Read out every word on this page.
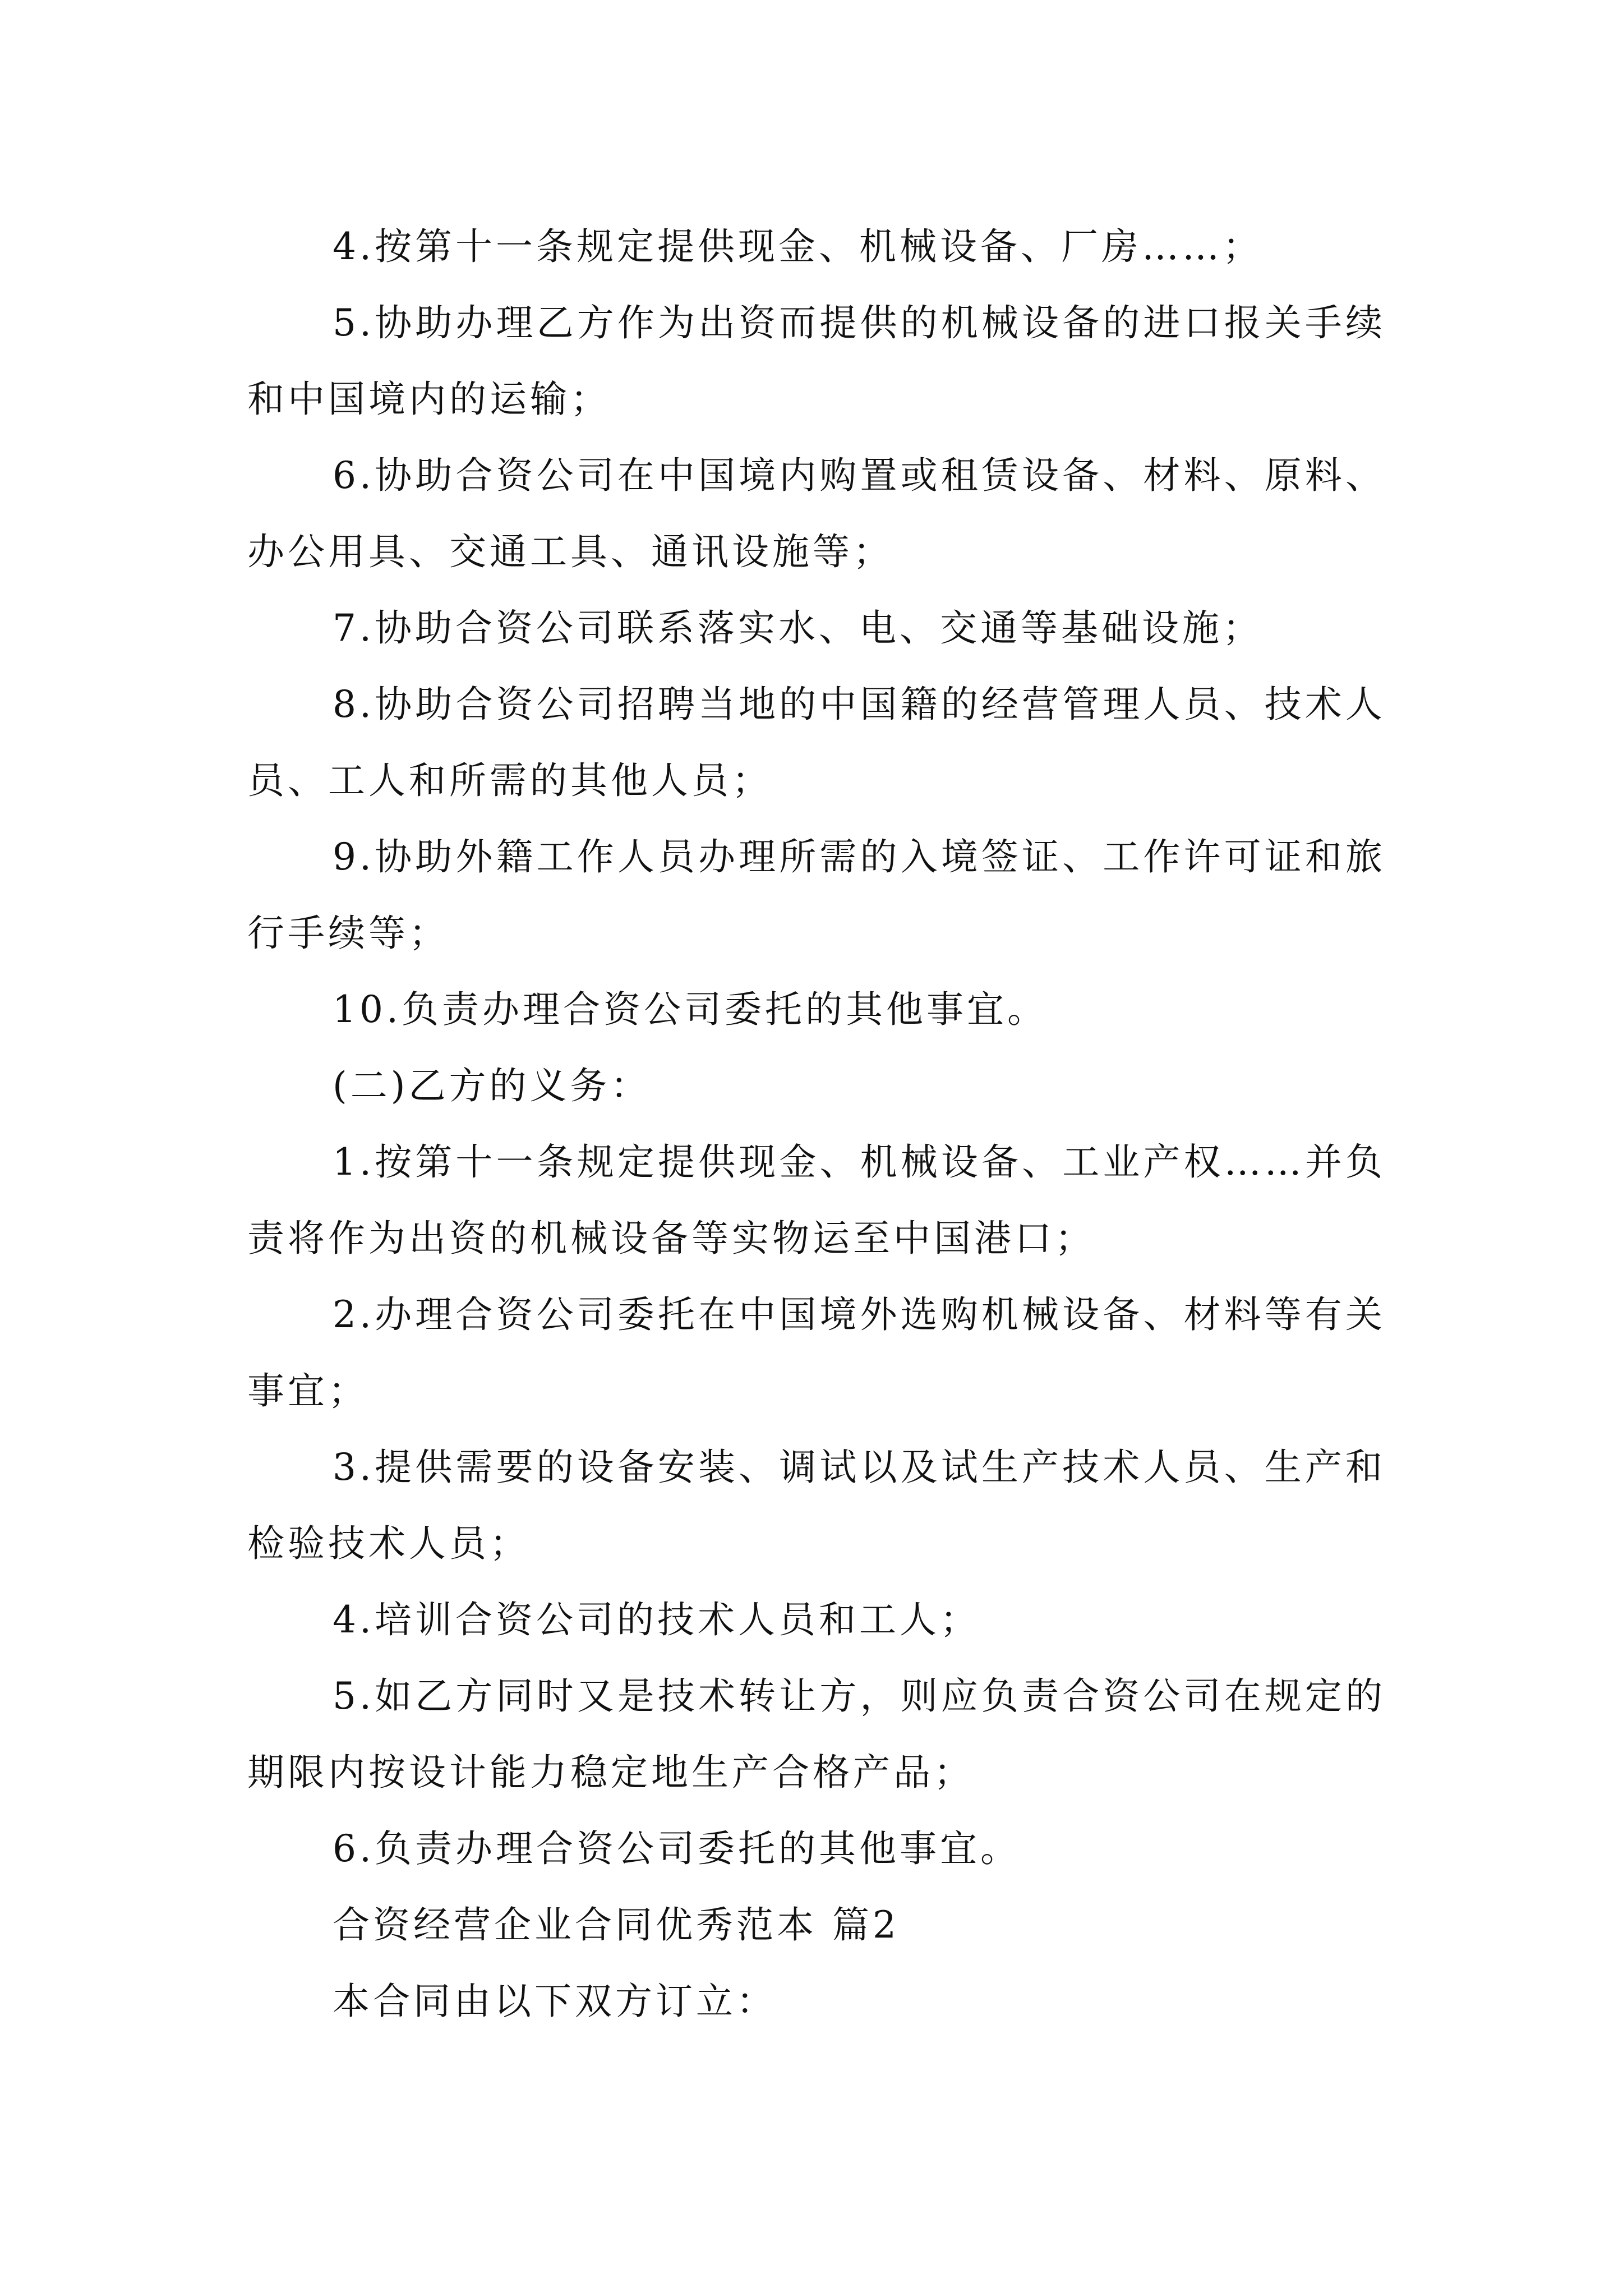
4.按第十一条规定提供现金、机械设备、厂房……；

5.协助办理乙方作为出资而提供的机械设备的进口报关手续和中国境内的运输；

6.协助合资公司在中国境内购置或租赁设备、材料、原料、办公用具、交通工具、通讯设施等；

7.协助合资公司联系落实水、电、交通等基础设施；

8.协助合资公司招聘当地的中国籍的经营管理人员、技术人员、工人和所需的其他人员；

9.协助外籍工作人员办理所需的入境签证、工作许可证和旅行手续等；

10.负责办理合资公司委托的其他事宜。

(二)乙方的义务：

1.按第十一条规定提供现金、机械设备、工业产权……并负责将作为出资的机械设备等实物运至中国港口；

2.办理合资公司委托在中国境外选购机械设备、材料等有关事宜；

3.提供需要的设备安装、调试以及试生产技术人员、生产和检验技术人员；

4.培训合资公司的技术人员和工人；

5.如乙方同时又是技术转让方，则应负责合资公司在规定的期限内按设计能力稳定地生产合格产品；

6.负责办理合资公司委托的其他事宜。

合资经营企业合同优秀范本 篇2

本合同由以下双方订立：
